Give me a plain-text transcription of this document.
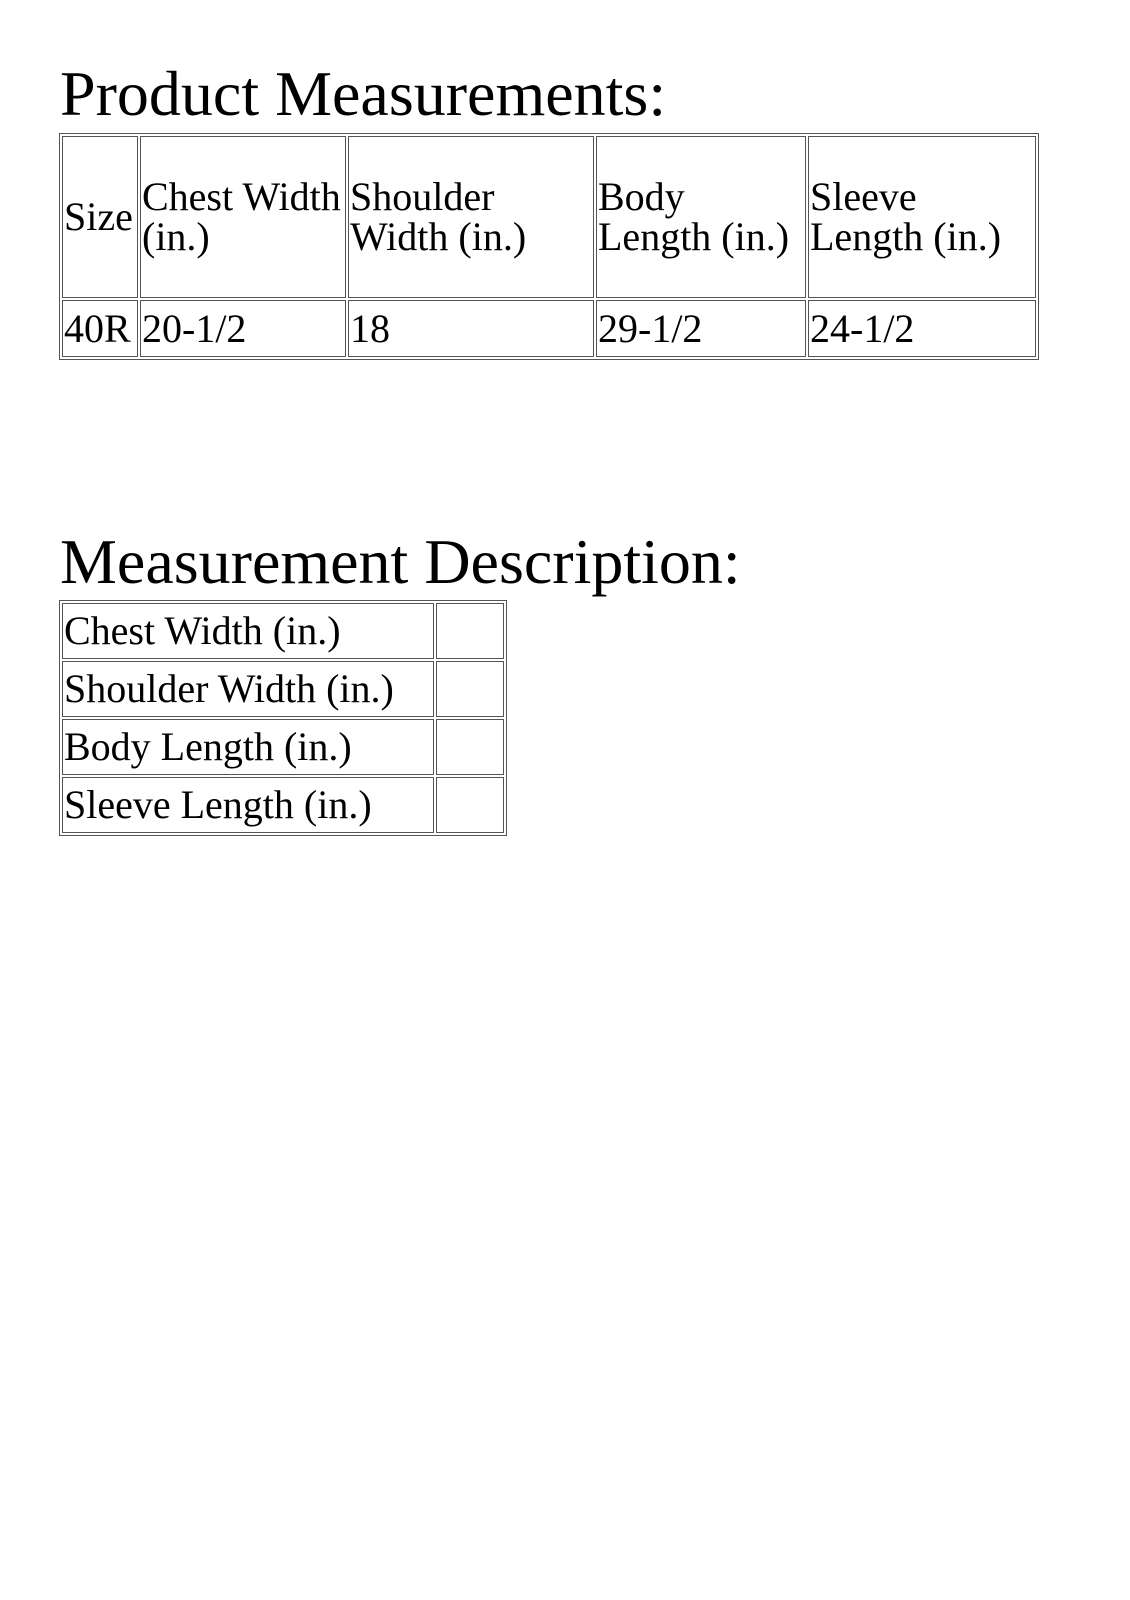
Product Measurements:
Size	Chest Width (in.)	Shoulder Width (in.)	Body Length (in.)	Sleeve Length (in.)
40R	20-1/2	18	29-1/2	24-1/2
Measurement Description:
Chest Width (in.)	
Shoulder Width (in.)	
Body Length (in.)	
Sleeve Length (in.)	
